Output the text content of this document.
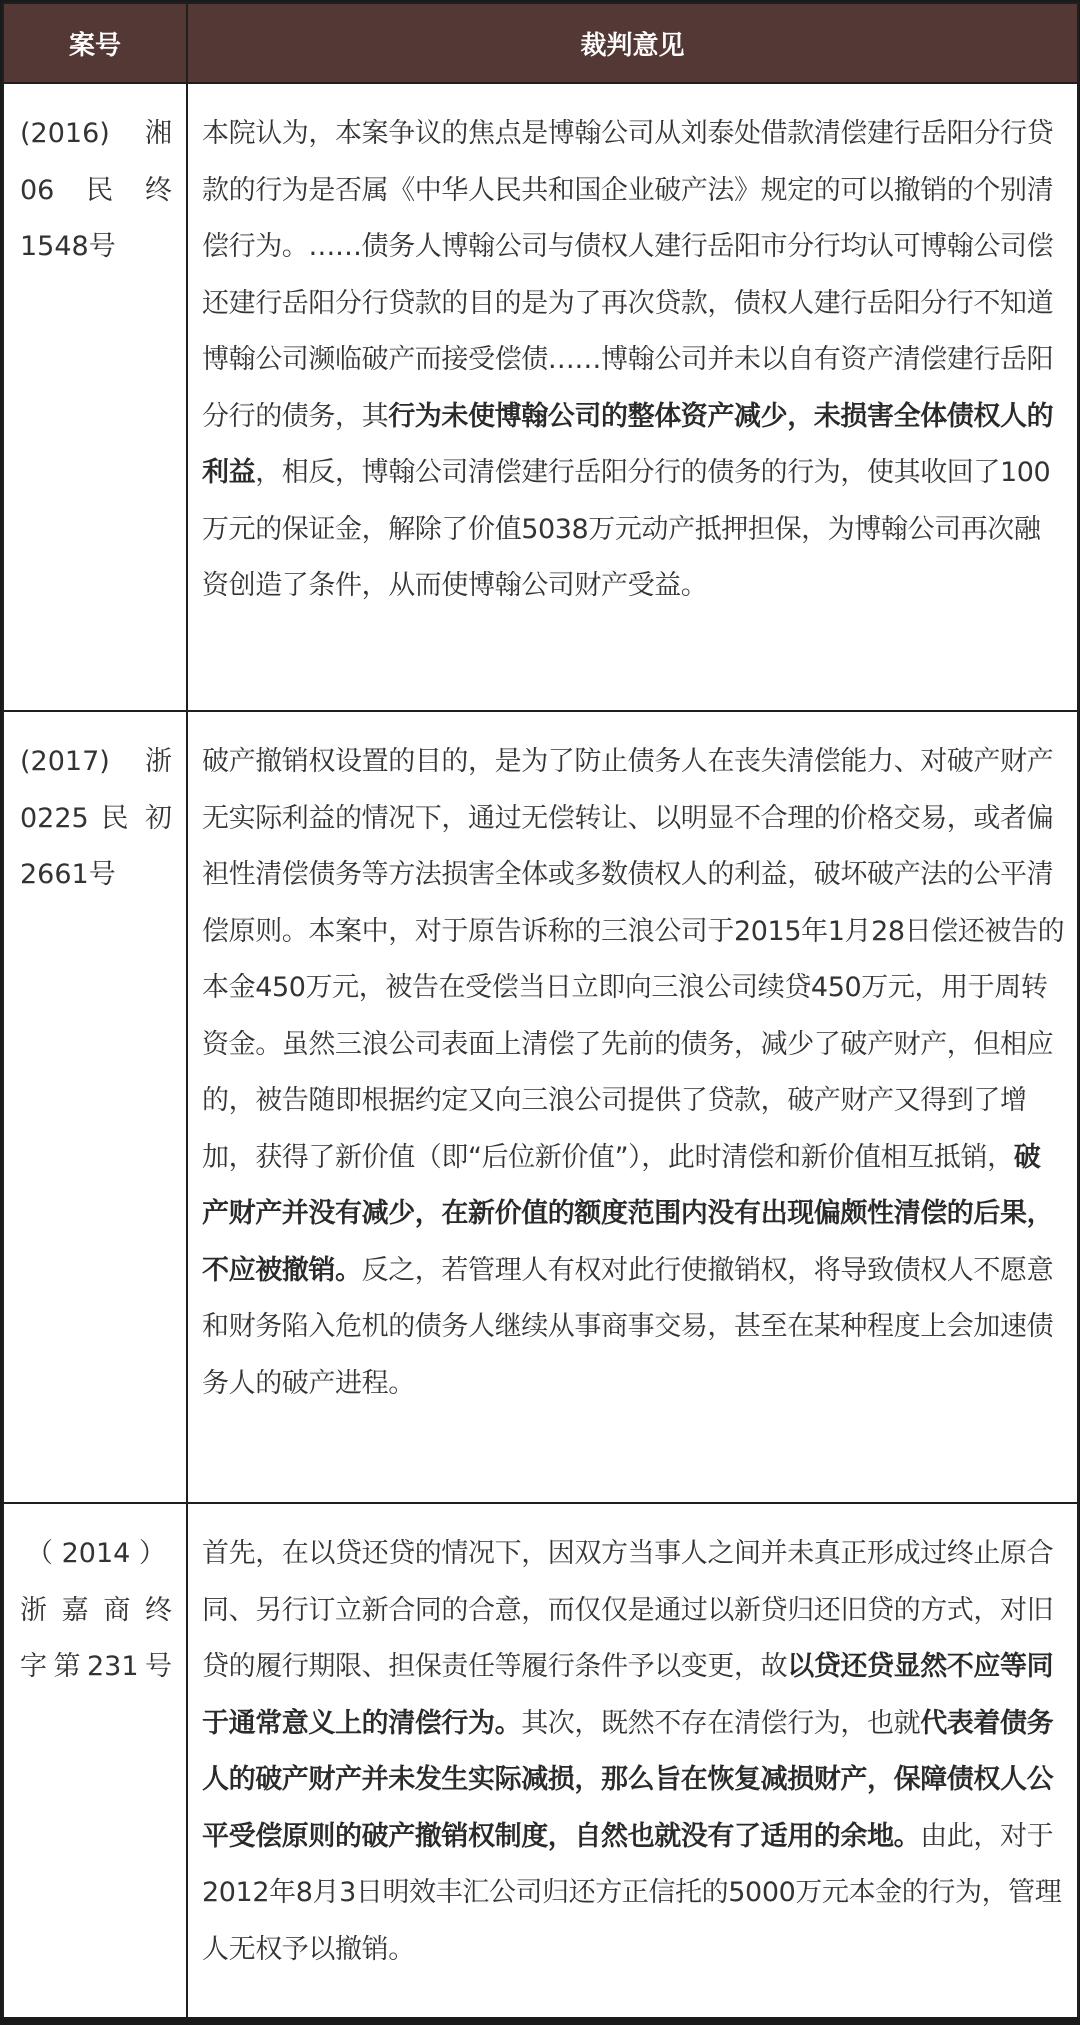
案号	裁判意见

(2016)　湘
06　民　终
1548号
	本院认为，本案争议的焦点是博翰公司从刘泰处借款清偿建行岳阳分行贷款的行为是否属《中华人民共和国企业破产法》规定的可以撤销的个别清偿行为。……债务人博翰公司与债权人建行岳阳市分行均认可博翰公司偿还建行岳阳分行贷款的目的是为了再次贷款，债权人建行岳阳分行不知道博翰公司濒临破产而接受偿债……博翰公司并未以自有资产清偿建行岳阳分行的债务，其行为未使博翰公司的整体资产减少，未损害全体债权人的利益，相反，博翰公司清偿建行岳阳分行的债务的行为，使其收回了100万元的保证金，解除了价值5038万元动产抵押担保，为博翰公司再次融资创造了条件，从而使博翰公司财产受益。

(2017)　浙
0225 民 初
2661号
	破产撤销权设置的目的，是为了防止债务人在丧失清偿能力、对破产财产无实际利益的情况下，通过无偿转让、以明显不合理的价格交易，或者偏袒性清偿债务等方法损害全体或多数债权人的利益，破坏破产法的公平清偿原则。本案中，对于原告诉称的三浪公司于2015年1月28日偿还被告的本金450万元，被告在受偿当日立即向三浪公司续贷450万元，用于周转资金。虽然三浪公司表面上清偿了先前的债务，减少了破产财产，但相应的，被告随即根据约定又向三浪公司提供了贷款，破产财产又得到了增加，获得了新价值（即“后位新价值”），此时清偿和新价值相互抵销，破产财产并没有减少，在新价值的额度范围内没有出现偏颇性清偿的后果，不应被撤销。反之，若管理人有权对此行使撤销权，将导致债权人不愿意和财务陷入危机的债务人继续从事商事交易，甚至在某种程度上会加速债务人的破产进程。

（ 2014 ）
浙 嘉 商 终
字第231号
	首先，在以贷还贷的情况下，因双方当事人之间并未真正形成过终止原合同、另行订立新合同的合意，而仅仅是通过以新贷归还旧贷的方式，对旧贷的履行期限、担保责任等履行条件予以变更，故以贷还贷显然不应等同于通常意义上的清偿行为。其次，既然不存在清偿行为，也就代表着债务人的破产财产并未发生实际减损，那么旨在恢复减损财产，保障债权人公平受偿原则的破产撤销权制度，自然也就没有了适用的余地。由此，对于2012年8月3日明效丰汇公司归还方正信托的5000万元本金的行为，管理人无权予以撤销。
